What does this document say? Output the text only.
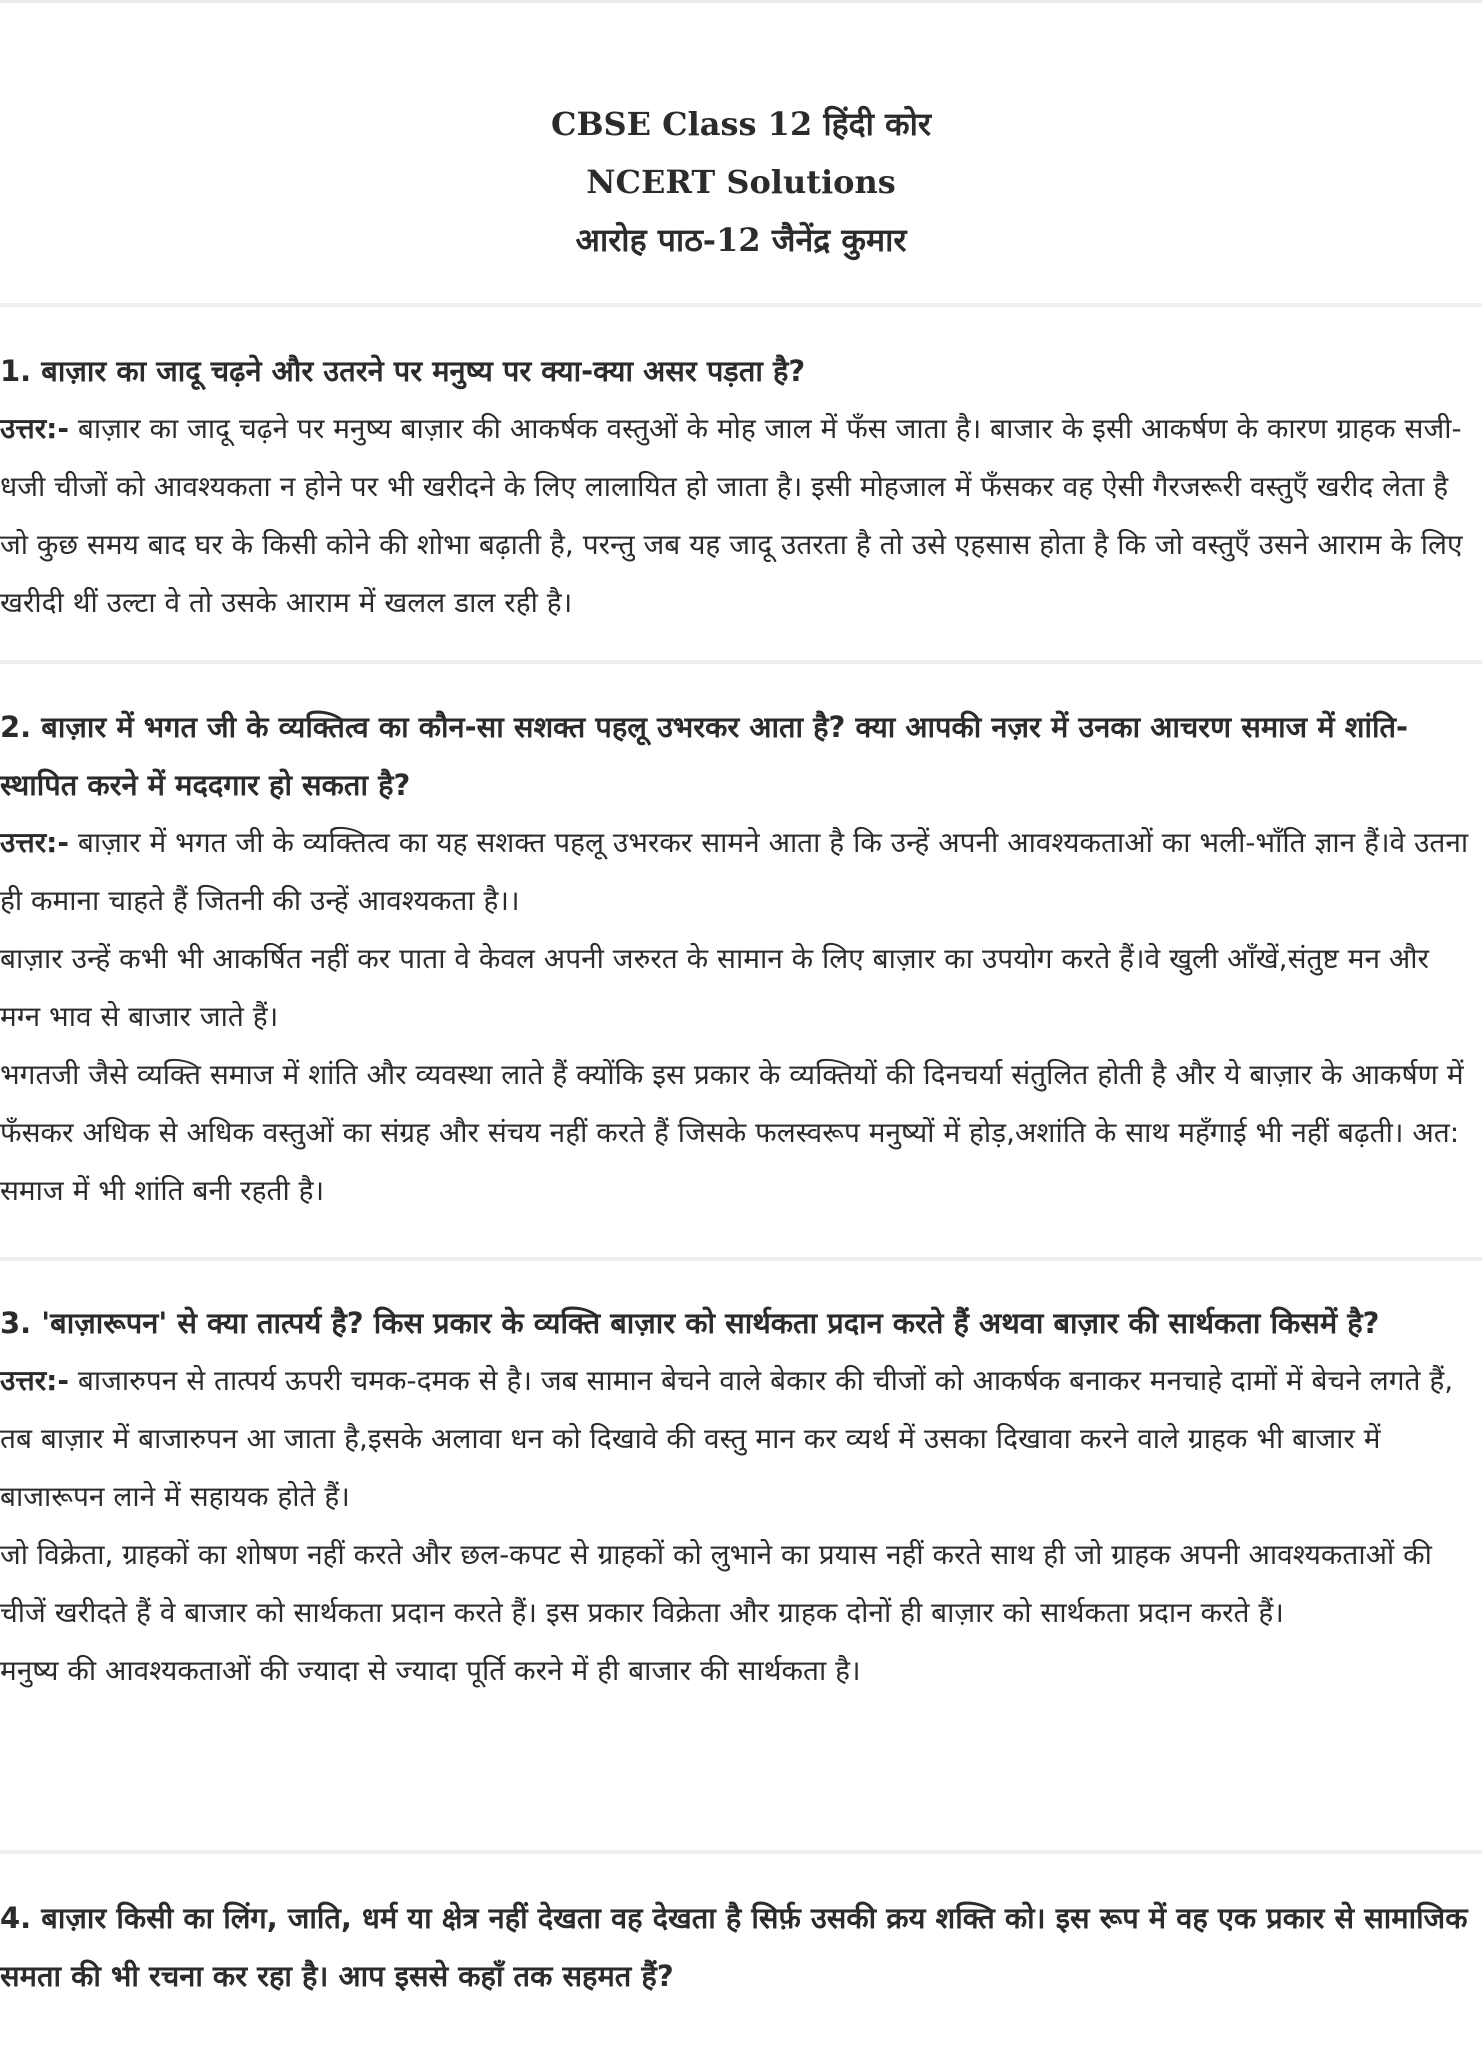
CBSE Class 12 हिंदी कोर
NCERT Solutions
आरोह पाठ-12 जैनेंद्र कुमार

1. बाज़ार का जादू चढ़ने और उतरने पर मनुष्य पर क्या-क्या असर पड़ता है?

उत्तर:- बाज़ार का जादू चढ़ने पर मनुष्य बाज़ार की आकर्षक वस्तुओं के मोह जाल में फँस जाता है। बाजार के इसी आकर्षण के कारण ग्राहक सजी-धजी चीजों को आवश्यकता न होने पर भी खरीदने के लिए लालायित हो जाता है। इसी मोहजाल में फँसकर वह ऐसी गैरजरूरी वस्तुएँ खरीद लेता है जो कुछ समय बाद घर के किसी कोने की शोभा बढ़ाती है, परन्तु जब यह जादू उतरता है तो उसे एहसास होता है कि जो वस्तुएँ उसने आराम के लिए खरीदी थीं उल्टा वे तो उसके आराम में खलल डाल रही है।

2. बाज़ार में भगत जी के व्यक्तित्व का कौन-सा सशक्त पहलू उभरकर आता है? क्या आपकी नज़र में उनका आचरण समाज में शांति-स्थापित करने में मददगार हो सकता है?

उत्तर:- बाज़ार में भगत जी के व्यक्तित्व का यह सशक्त पहलू उभरकर सामने आता है कि उन्हें अपनी आवश्यकताओं का भली-भाँति ज्ञान हैं।वे उतना ही कमाना चाहते हैं जितनी की उन्हें आवश्यकता है।।

बाज़ार उन्हें कभी भी आकर्षित नहीं कर पाता वे केवल अपनी जरुरत के सामान के लिए बाज़ार का उपयोग करते हैं।वे खुली आँखें,संतुष्ट मन और मग्न भाव से बाजार जाते हैं।

भगतजी जैसे व्यक्ति समाज में शांति और व्यवस्था लाते हैं क्योंकि इस प्रकार के व्यक्तियों की दिनचर्या संतुलित होती है और ये बाज़ार के आकर्षण में फँसकर अधिक से अधिक वस्तुओं का संग्रह और संचय नहीं करते हैं जिसके फलस्वरूप मनुष्यों में होड़,अशांति के साथ महँगाई भी नहीं बढ़ती। अत: समाज में भी शांति बनी रहती है।

3. 'बाज़ारूपन' से क्या तात्पर्य है? किस प्रकार के व्यक्ति बाज़ार को सार्थकता प्रदान करते हैं अथवा बाज़ार की सार्थकता किसमें है?

उत्तर:- बाजारुपन से तात्पर्य ऊपरी चमक-दमक से है। जब सामान बेचने वाले बेकार की चीजों को आकर्षक बनाकर मनचाहे दामों में बेचने लगते हैं, तब बाज़ार में बाजारुपन आ जाता है,इसके अलावा धन को दिखावे की वस्तु मान कर व्यर्थ में उसका दिखावा करने वाले ग्राहक भी बाजार में बाजारूपन लाने में सहायक होते हैं।

जो विक्रेता, ग्राहकों का शोषण नहीं करते और छल-कपट से ग्राहकों को लुभाने का प्रयास नहीं करते साथ ही जो ग्राहक अपनी आवश्यकताओं की चीजें खरीदते हैं वे बाजार को सार्थकता प्रदान करते हैं। इस प्रकार विक्रेता और ग्राहक दोनों ही बाज़ार को सार्थकता प्रदान करते हैं।

मनुष्य की आवश्यकताओं की ज्यादा से ज्यादा पूर्ति करने में ही बाजार की सार्थकता है।

4. बाज़ार किसी का लिंग, जाति, धर्म या क्षेत्र नहीं देखता वह देखता है सिर्फ़ उसकी क्रय शक्ति को। इस रूप में वह एक प्रकार से सामाजिक समता की भी रचना कर रहा है। आप इससे कहाँ तक सहमत हैं?
